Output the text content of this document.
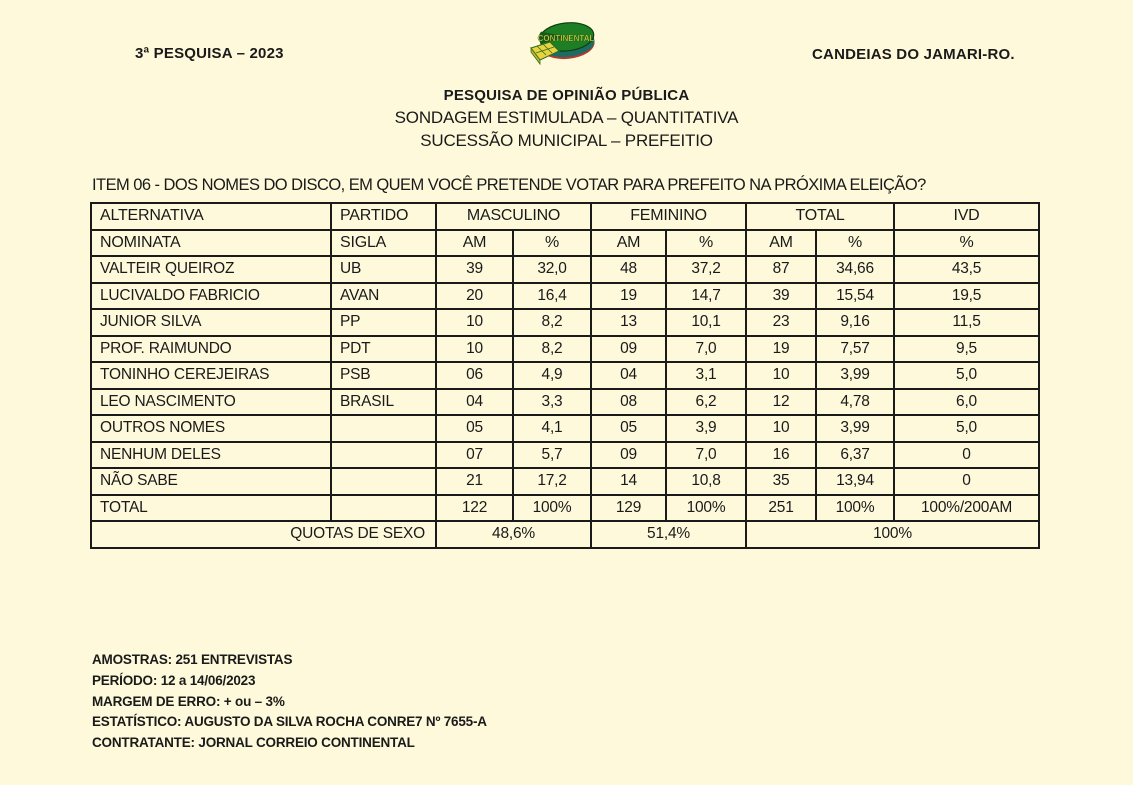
3ª PESQUISA – 2023
CONTINENTAL
CANDEIAS DO JAMARI-RO.
PESQUISA DE OPINIÃO PÚBLICA
SONDAGEM ESTIMULADA – QUANTITATIVA
SUCESSÃO MUNICIPAL – PREFEITIO
ITEM 06 - DOS NOMES DO DISCO, EM QUEM VOCÊ PRETENDE VOTAR PARA PREFEITO NA PRÓXIMA ELEIÇÃO?
ALTERNATIVA	PARTIDO	MASCULINO		FEMININO		TOTAL		IVD
NOMINATA	SIGLA	AM	%	AM	%	AM	%	%
VALTEIR QUEIROZ	UB	39	32,0	48	37,2	87	34,66	43,5
LUCIVALDO FABRICIO	AVAN	20	16,4	19	14,7	39	15,54	19,5
JUNIOR SILVA	PP	10	8,2	13	10,1	23	9,16	11,5
PROF. RAIMUNDO	PDT	10	8,2	09	7,0	19	7,57	9,5
TONINHO CEREJEIRAS	PSB	06	4,9	04	3,1	10	3,99	5,0
LEO NASCIMENTO	BRASIL	04	3,3	08	6,2	12	4,78	6,0
OUTROS NOMES		05	4,1	05	3,9	10	3,99	5,0
NENHUM DELES		07	5,7	09	7,0	16	6,37	0
NÃO SABE		21	17,2	14	10,8	35	13,94	0
TOTAL		122	100%	129	100%	251	100%	100%/200AM
QUOTAS DE SEXO		48,6%		51,4%		100%		
AMOSTRAS: 251 ENTREVISTAS
PERÍODO: 12 a 14/06/2023
MARGEM DE ERRO: + ou – 3%
ESTATÍSTICO: AUGUSTO DA SILVA ROCHA CONRE7 Nº 7655-A
CONTRATANTE: JORNAL CORREIO CONTINENTAL
